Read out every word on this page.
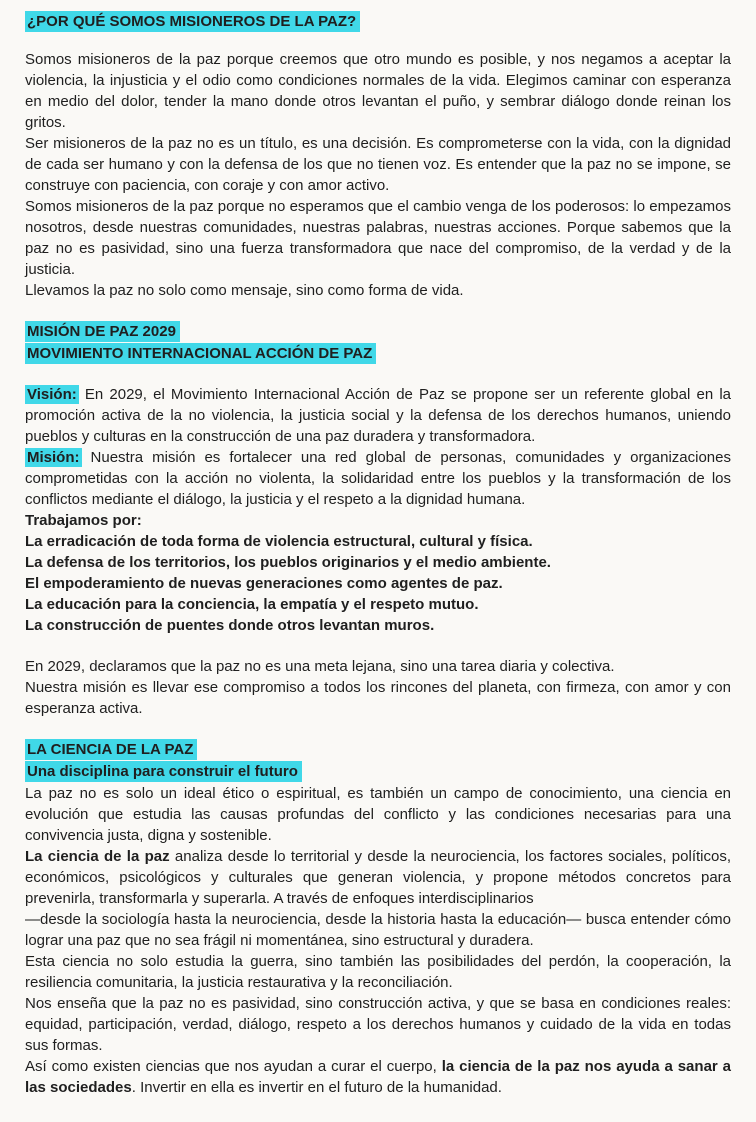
¿POR QUÉ SOMOS MISIONEROS DE LA PAZ?

Somos misioneros de la paz porque creemos que otro mundo es posible, y nos negamos a aceptar la violencia, la injusticia y el odio como condiciones normales de la vida. Elegimos caminar con esperanza en medio del dolor, tender la mano donde otros levantan el puño, y sembrar diálogo donde reinan los gritos.

Ser misioneros de la paz no es un título, es una decisión. Es comprometerse con la vida, con la dignidad de cada ser humano y con la defensa de los que no tienen voz. Es entender que la paz no se impone, se construye con paciencia, con coraje y con amor activo.

Somos misioneros de la paz porque no esperamos que el cambio venga de los poderosos: lo empezamos nosotros, desde nuestras comunidades, nuestras palabras, nuestras acciones. Porque sabemos que la paz no es pasividad, sino una fuerza transformadora que nace del compromiso, de la verdad y de la justicia.

Llevamos la paz no solo como mensaje, sino como forma de vida.

MISIÓN DE PAZ 2029
MOVIMIENTO INTERNACIONAL ACCIÓN DE PAZ

Visión: En 2029, el Movimiento Internacional Acción de Paz se propone ser un referente global en la promoción activa de la no violencia, la justicia social y la defensa de los derechos humanos, uniendo pueblos y culturas en la construcción de una paz duradera y transformadora.

Misión: Nuestra misión es fortalecer una red global de personas, comunidades y organizaciones comprometidas con la acción no violenta, la solidaridad entre los pueblos y la transformación de los conflictos mediante el diálogo, la justicia y el respeto a la dignidad humana.

Trabajamos por:

La erradicación de toda forma de violencia estructural, cultural y física.

La defensa de los territorios, los pueblos originarios y el medio ambiente.

El empoderamiento de nuevas generaciones como agentes de paz.

La educación para la conciencia, la empatía y el respeto mutuo.

La construcción de puentes donde otros levantan muros.

En 2029, declaramos que la paz no es una meta lejana, sino una tarea diaria y colectiva.

Nuestra misión es llevar ese compromiso a todos los rincones del planeta, con firmeza, con amor y con esperanza activa.

LA CIENCIA DE LA PAZ
Una disciplina para construir el futuro

La paz no es solo un ideal ético o espiritual, es también un campo de conocimiento, una ciencia en evolución que estudia las causas profundas del conflicto y las condiciones necesarias para una convivencia justa, digna y sostenible.

La ciencia de la paz analiza desde lo territorial y desde la neurociencia, los factores sociales, políticos, económicos, psicológicos y culturales que generan violencia, y propone métodos concretos para prevenirla, transformarla y superarla. A través de enfoques interdisciplinarios

—desde la sociología hasta la neurociencia, desde la historia hasta la educación— busca entender cómo lograr una paz que no sea frágil ni momentánea, sino estructural y duradera.

Esta ciencia no solo estudia la guerra, sino también las posibilidades del perdón, la cooperación, la resiliencia comunitaria, la justicia restaurativa y la reconciliación.

Nos enseña que la paz no es pasividad, sino construcción activa, y que se basa en condiciones reales: equidad, participación, verdad, diálogo, respeto a los derechos humanos y cuidado de la vida en todas sus formas.

Así como existen ciencias que nos ayudan a curar el cuerpo, la ciencia de la paz nos ayuda a sanar a las sociedades. Invertir en ella es invertir en el futuro de la humanidad.
